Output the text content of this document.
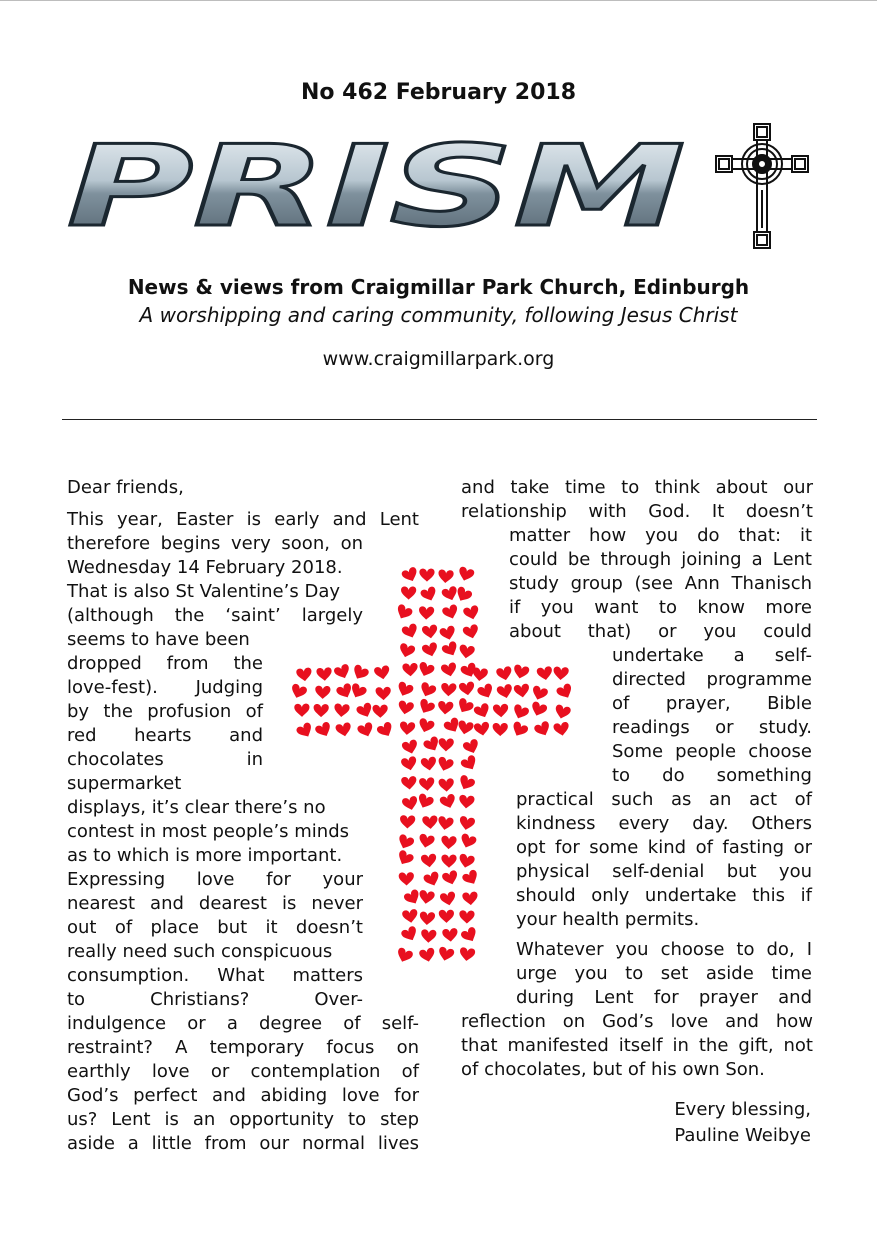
No 462 February 2018
PRISM
News & views from Craigmillar Park Church, Edinburgh
A worshipping and caring community, following Jesus Christ
www.craigmillarpark.org
Dear friends,
This year, Easter is early and Lent
therefore begins very soon, on
Wednesday 14 February 2018.
That is also St Valentine’s Day
(although the ‘saint’ largely
seems to have been
dropped from the
love-fest). Judging
by the profusion of
red hearts and
chocolates in
supermarket
displays, it’s clear there’s no
contest in most people’s minds
as to which is more important.
Expressing love for your
nearest and dearest is never
out of place but it doesn’t
really need such conspicuous
consumption. What matters
to Christians? Over-
indulgence or a degree of self-
restraint? A temporary focus on
earthly love or contemplation of
God’s perfect and abiding love for
us? Lent is an opportunity to step
aside a little from our normal lives
and take time to think about our
relationship with God. It doesn’t
matter how you do that: it
could be through joining a Lent
study group (see Ann Thanisch
if you want to know more
about that) or you could
undertake a self-
directed programme
of prayer, Bible
readings or study.
Some people choose
to do something
practical such as an act of
kindness every day. Others
opt for some kind of fasting or
physical self-denial but you
should only undertake this if
your health permits.
Whatever you choose to do, I
urge you to set aside time
during Lent for prayer and
reflection on God’s love and how
that manifested itself in the gift, not
of chocolates, but of his own Son.
Every blessing,
Pauline Weibye
